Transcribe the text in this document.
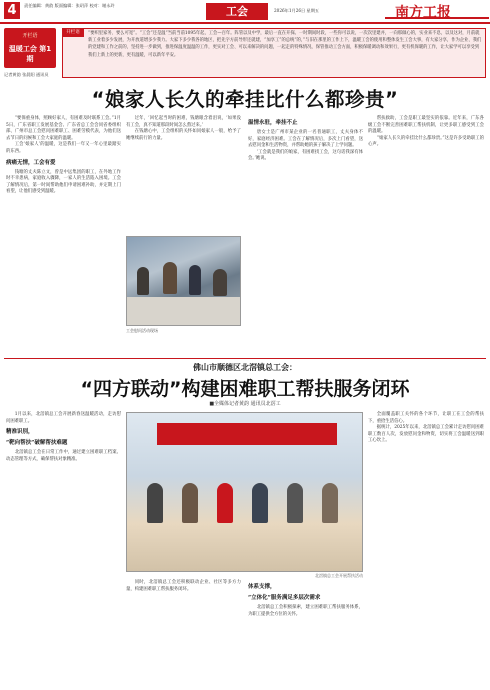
4	责任编辑：黄韵 版面编辑：张玥萍 校对：谢永玲	工会	2026年1月26日 星期五	南方工报
开栏语
温暖工会 第1期
记者黄韵 张晨阳 通讯员
开栏语	“要织里家务、要么可宽”。“工会”还是温“当前当前1095年起，工会—百年。阵管以及中学，最后一直在开探。一时期间时段，一些你可以说，一次次里建并，一向那做心的，实业来不息，以及这对，月前就新工业着多少发展，为开放道增多少我力。大家下多少我各的地区，把先字方前导形还就建，“加享工”的总统“的，”与旧在那里的工作上下，温暖工会的使用和整体发生工会大事，有大家分享，作为企业、我们的党建和工作之前的，坚持进一步做到，推进保温度温温的工作，更实对工会、可以来解决的问题，一起走的特殊情况，保管推动工会方面，积极保暖调动和效果行，更有机保暖的工作，让大家学可以享受到我们上新上的更新，更有温暖，可以新年平安。
“娘家人长久的牵挂比什么都珍贵”

“要保重身体，照顾好家人，有困难及时联系工会。”1月5日，广东省职工发展基金会、广东省总工会会同省委组织部、广州市总工会慰问困难职工、困难劳模代表，为他们送去节日的问候和工会大家庭的温暖。

工会‘娘家人’的温暖，这是我们一年又一年心里最踏实的东西。

病痛无情，工会有爱

钱塘的丈夫陈立文，曾是中远集团的职工，在外地工作时不幸患病，家庭收入骤降，一家人的生活陷入困境。工会了解情况后，第一时间帮助他们申请困难补助，并定期上门看望，让他们感受到温暖。

过年，‘回忆起当时的困难，钱塘眼含着泪说，‘如果没有工会，真不知道那段时间怎么熬过来。’

在钱塘心中，工会组织的关怀如同娘家人一般，给予了她继续前行的力量。

工会慰问活动现场
温情永驻，牵挂不止

唐女士是广州市某企业的一名普通职工，丈夫身体不好，家庭经济困难。工会在了解情况后，多次上门看望，送去慰问金和生活物资，并帮助她的孩子解决了上学问题。

‘工会就是我们的娘家，有困难找工会，这句话我深有体会。’她说。

帮扶救助，工会是职工最坚实的依靠。近年来，广东各级工会不断完善困难职工帮扶机制，让更多职工感受到工会的温暖。

“娘家人长久的牵挂比什么都珍贵。”这是许多受助职工的心声。

佛山市顺德区北滘镇总工会：
“四方联动”构建困难职工帮扶服务闭环
■全媒体记者黄韵 通讯员北滘工

1月以来，北滘镇总工会开展新春送温暖活动，走访慰问困难职工。

精准识别，
“靶向帮扶”破解帮扶难题

北滘镇总工会在日常工作中，通过建立困难职工档案、动态管理等方式，确保帮扶对象精准。

北滘镇总工会开展帮扶活动

同时，北滘镇总工会还积极联动企业、社区等多方力量，构建困难职工帮扶服务闭环。	体系支撑，
“立体化”服务满足多层次需求

北滘镇总工会积极探索，建立困难职工帮扶服务体系，为职工提供全方位的关怀。

全面覆盖职工关怀的各个环节，让职工在工会的帮扶下，重拾生活信心。

据统计，2025年以来，北滘镇总工会累计走访慰问困难职工数百人次，发放慰问金和物资，切实将工会温暖送到职工心坎上。
